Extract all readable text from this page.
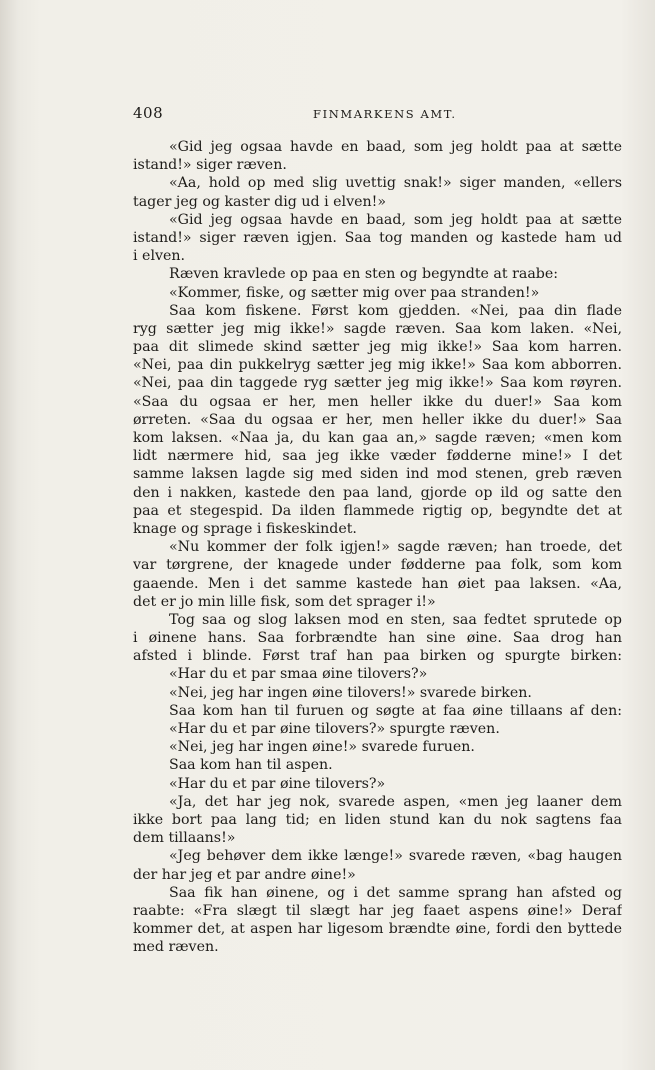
408	FINMARKENS AMT.
«Gid jeg ogsaa havde en baad, som jeg holdt paa at sætte
istand!» siger ræven.
«Aa, hold op med slig uvettig snak!» siger manden, «ellers
tager jeg og kaster dig ud i elven!»
«Gid jeg ogsaa havde en baad, som jeg holdt paa at sætte
istand!» siger ræven igjen. Saa tog manden og kastede ham ud
i elven.
Ræven kravlede op paa en sten og begyndte at raabe:
«Kommer, fiske, og sætter mig over paa stranden!»
Saa kom fiskene. Først kom gjedden. «Nei, paa din flade
ryg sætter jeg mig ikke!» sagde ræven. Saa kom laken. «Nei,
paa dit slimede skind sætter jeg mig ikke!» Saa kom harren.
«Nei, paa din pukkelryg sætter jeg mig ikke!» Saa kom abborren.
«Nei, paa din taggede ryg sætter jeg mig ikke!» Saa kom røyren.
«Saa du ogsaa er her, men heller ikke du duer!» Saa kom
ørreten. «Saa du ogsaa er her, men heller ikke du duer!» Saa
kom laksen. «Naa ja, du kan gaa an,» sagde ræven; «men kom
lidt nærmere hid, saa jeg ikke væder fødderne mine!» I det
samme laksen lagde sig med siden ind mod stenen, greb ræven
den i nakken, kastede den paa land, gjorde op ild og satte den
paa et stegespid. Da ilden flammede rigtig op, begyndte det at
knage og sprage i fiskeskindet.
«Nu kommer der folk igjen!» sagde ræven; han troede, det
var tørgrene, der knagede under fødderne paa folk, som kom
gaaende. Men i det samme kastede han øiet paa laksen. «Aa,
det er jo min lille fisk, som det sprager i!»
Tog saa og slog laksen mod en sten, saa fedtet sprutede op
i øinene hans. Saa forbrændte han sine øine. Saa drog han
afsted i blinde. Først traf han paa birken og spurgte birken:
«Har du et par smaa øine tilovers?»
«Nei, jeg har ingen øine tilovers!» svarede birken.
Saa kom han til furuen og søgte at faa øine tillaans af den:
«Har du et par øine tilovers?» spurgte ræven.
«Nei, jeg har ingen øine!» svarede furuen.
Saa kom han til aspen.
«Har du et par øine tilovers?»
«Ja, det har jeg nok, svarede aspen, «men jeg laaner dem
ikke bort paa lang tid; en liden stund kan du nok sagtens faa
dem tillaans!»
«Jeg behøver dem ikke længe!» svarede ræven, «bag haugen
der har jeg et par andre øine!»
Saa fik han øinene, og i det samme sprang han afsted og
raabte: «Fra slægt til slægt har jeg faaet aspens øine!» Deraf
kommer det, at aspen har ligesom brændte øine, fordi den byttede
med ræven.
